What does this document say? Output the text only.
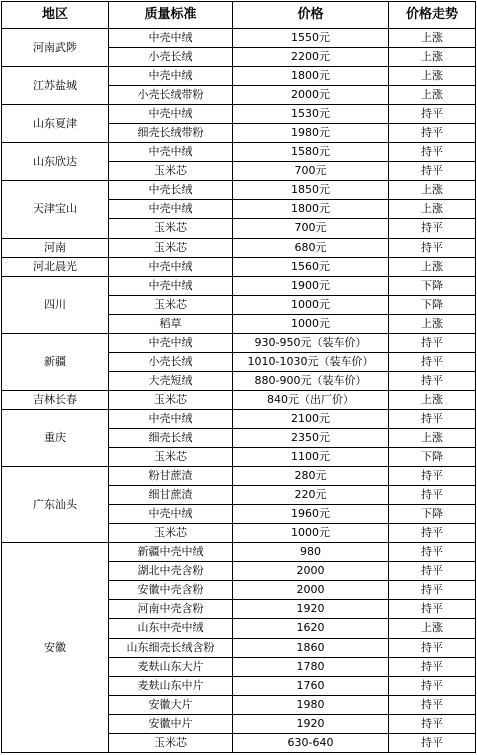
地区	质量标准	价格	价格走势
河南武陟	中壳中绒	1550元	上涨
	小壳长绒	2200元	上涨
江苏盐城	中壳中绒	1800元	上涨
	小壳长绒带粉	2000元	上涨
山东夏津	中壳中绒	1530元	持平
	细壳长绒带粉	1980元	持平
山东欣达	中壳中绒	1580元	持平
	玉米芯	700元	持平
天津宝山	中壳长绒	1850元	上涨
	中壳中绒	1800元	上涨
	玉米芯	700元	持平
河南	玉米芯	680元	持平
河北晨光	中壳中绒	1560元	上涨
四川	中壳中绒	1900元	下降
	玉米芯	1000元	下降
	稻草	1000元	上涨
新疆	中壳中绒	930-950元（装车价）	持平
	小壳长绒	1010-1030元（装车价）	持平
	大壳短绒	880-900元（装车价）	持平
吉林长春	玉米芯	840元（出厂价）	上涨
重庆	中壳中绒	2100元	持平
	细壳长绒	2350元	上涨
	玉米芯	1100元	下降
广东汕头	粉甘蔗渣	280元	持平
	细甘蔗渣	220元	持平
	中壳中绒	1960元	下降
	玉米芯	1000元	持平
安徽	新疆中壳中绒	980	持平
	湖北中壳含粉	2000	持平
	安徽中壳含粉	2000	持平
	河南中壳含粉	1920	持平
	山东中壳中绒	1620	上涨
	山东细壳长绒含粉	1860	持平
	麦麸山东大片	1780	持平
	麦麸山东中片	1760	持平
	安徽大片	1980	持平
	安徽中片	1920	持平
	玉米芯	630-640	持平
